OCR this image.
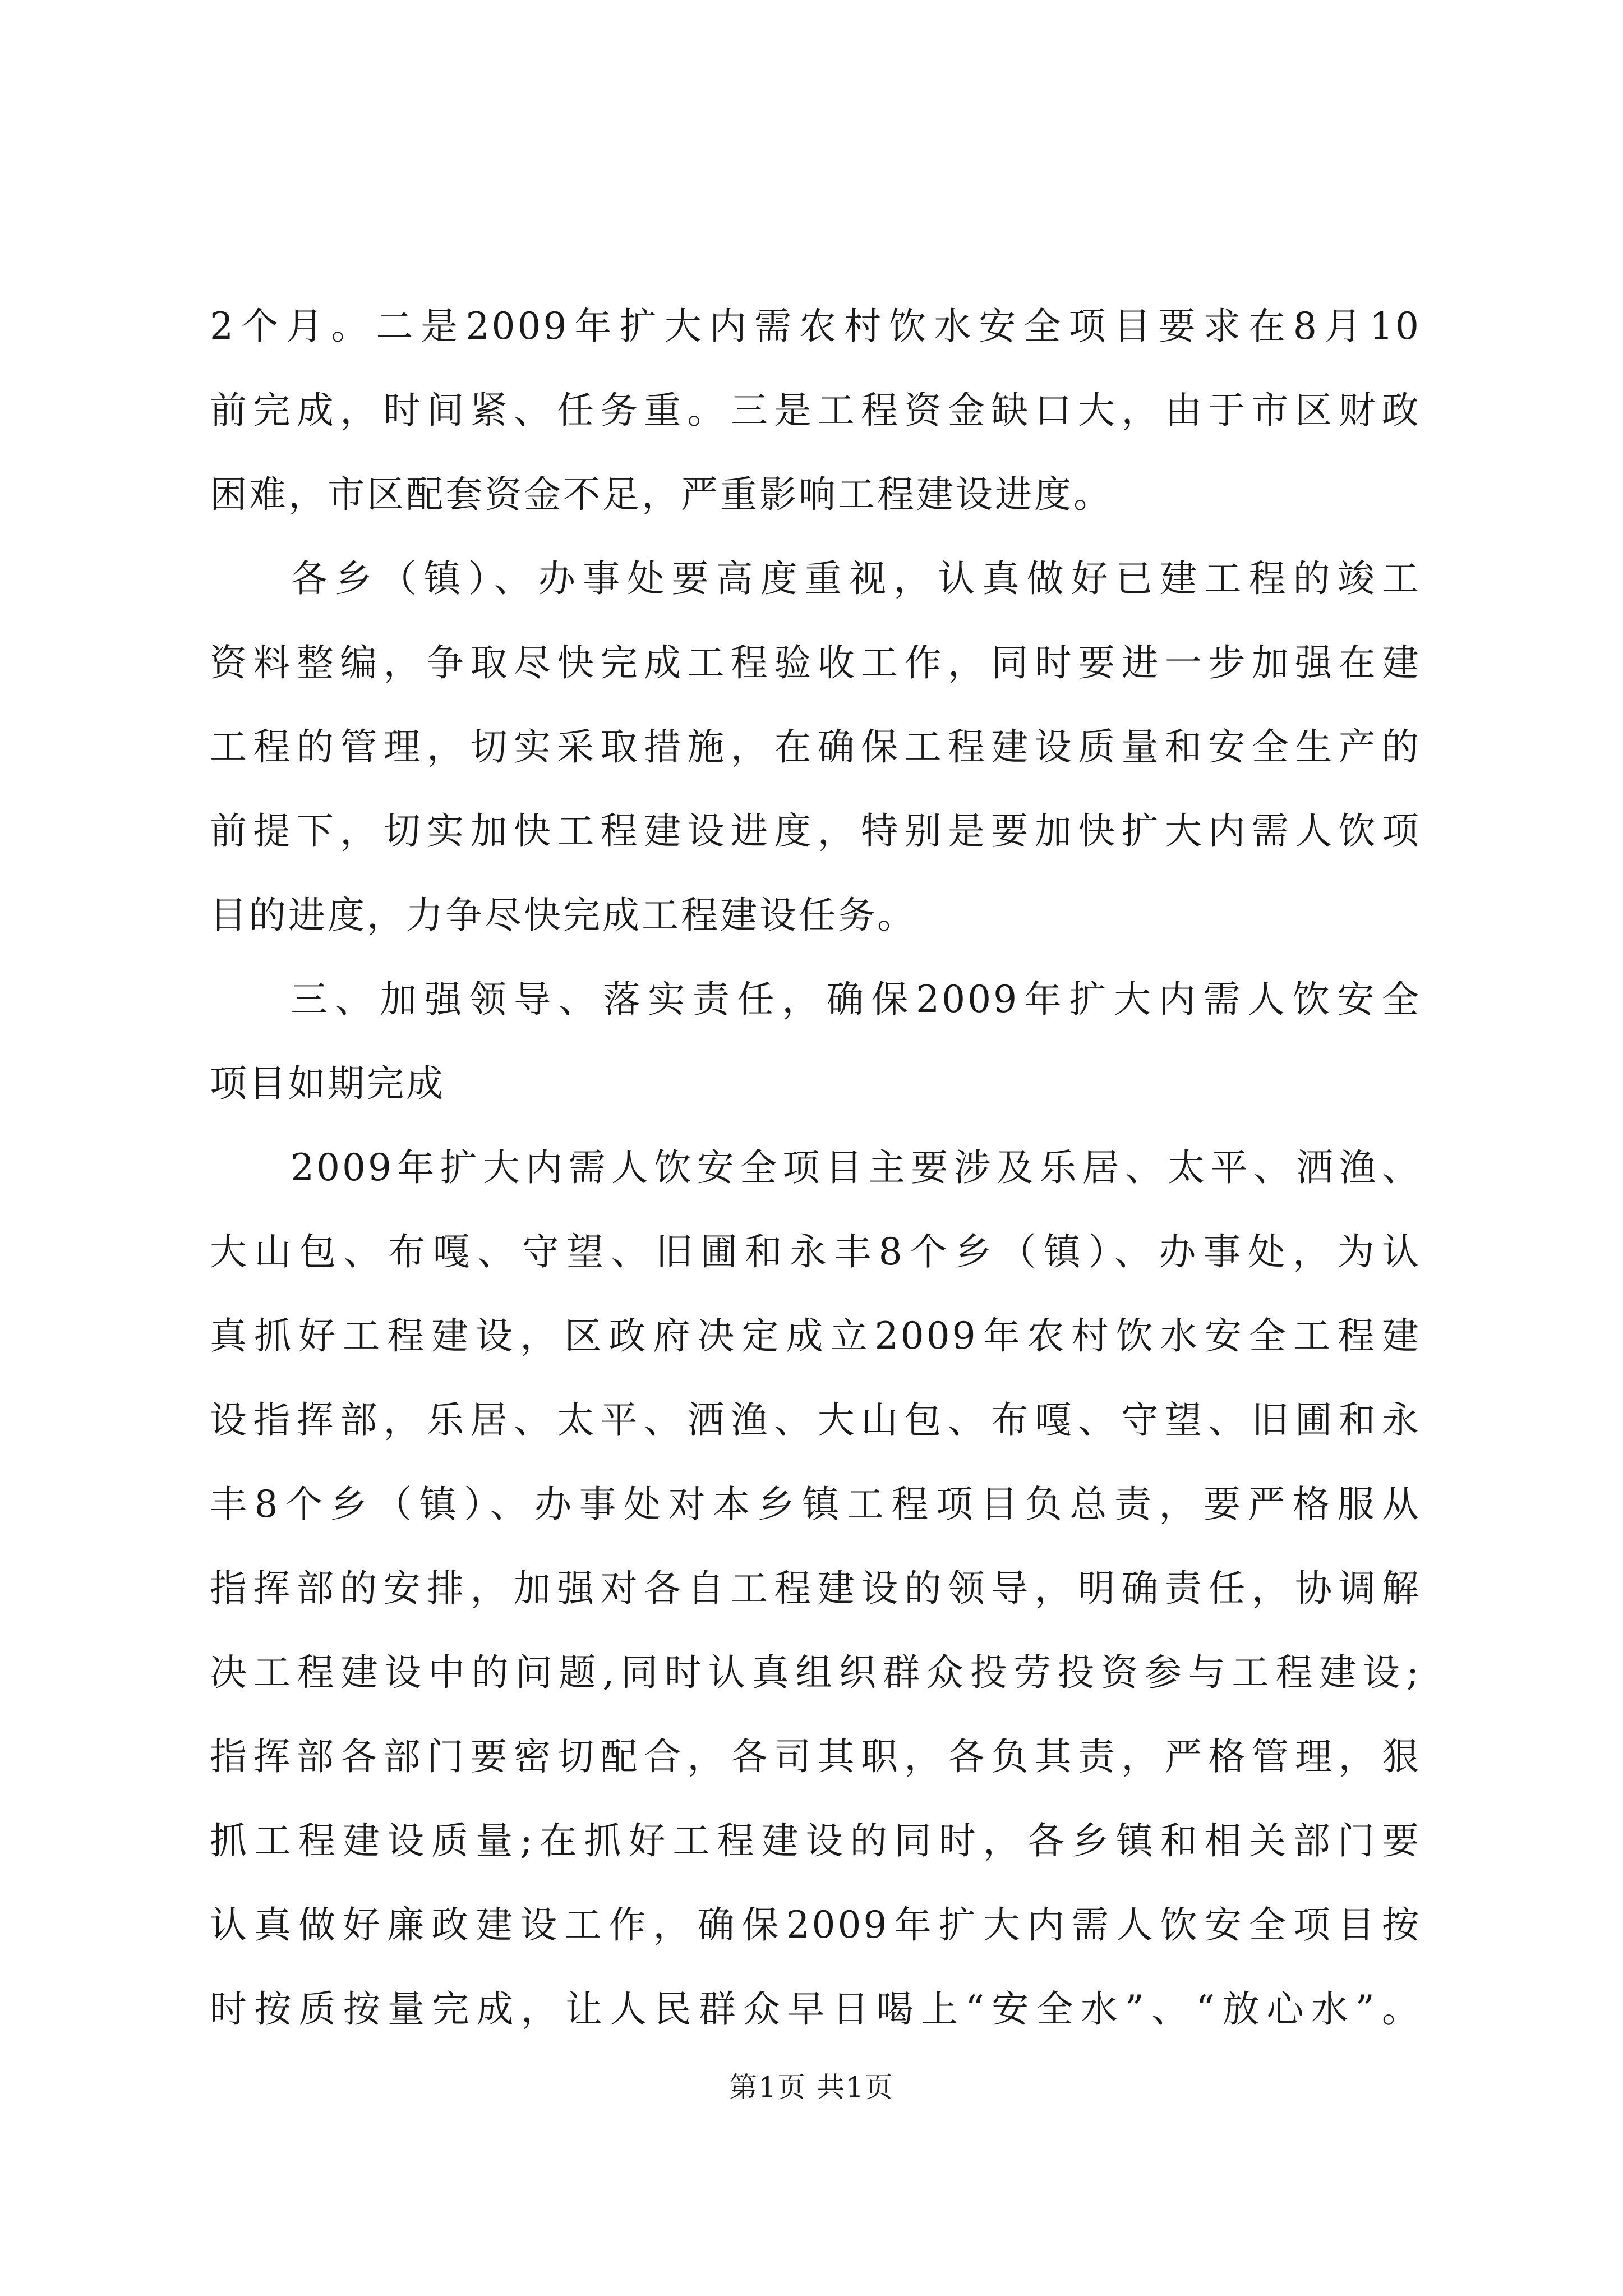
2个月。二是2009年扩大内需农村饮水安全项目要求在8月10
前完成，时间紧、任务重。三是工程资金缺口大，由于市区财政
困难，市区配套资金不足，严重影响工程建设进度。
各乡（镇）、办事处要高度重视，认真做好已建工程的竣工
资料整编，争取尽快完成工程验收工作，同时要进一步加强在建
工程的管理，切实采取措施，在确保工程建设质量和安全生产的
前提下，切实加快工程建设进度，特别是要加快扩大内需人饮项
目的进度，力争尽快完成工程建设任务。
三、加强领导、落实责任，确保2009年扩大内需人饮安全
项目如期完成
2009年扩大内需人饮安全项目主要涉及乐居、太平、洒渔、
大山包、布嘎、守望、旧圃和永丰8个乡（镇）、办事处，为认
真抓好工程建设，区政府决定成立2009年农村饮水安全工程建
设指挥部，乐居、太平、洒渔、大山包、布嘎、守望、旧圃和永
丰8个乡（镇）、办事处对本乡镇工程项目负总责，要严格服从
指挥部的安排，加强对各自工程建设的领导，明确责任，协调解
决工程建设中的问题,同时认真组织群众投劳投资参与工程建设;
指挥部各部门要密切配合，各司其职，各负其责，严格管理，狠
抓工程建设质量;在抓好工程建设的同时，各乡镇和相关部门要
认真做好廉政建设工作，确保2009年扩大内需人饮安全项目按
时按质按量完成，让人民群众早日喝上“安全水”、“放心水”。
第1页 共1页
